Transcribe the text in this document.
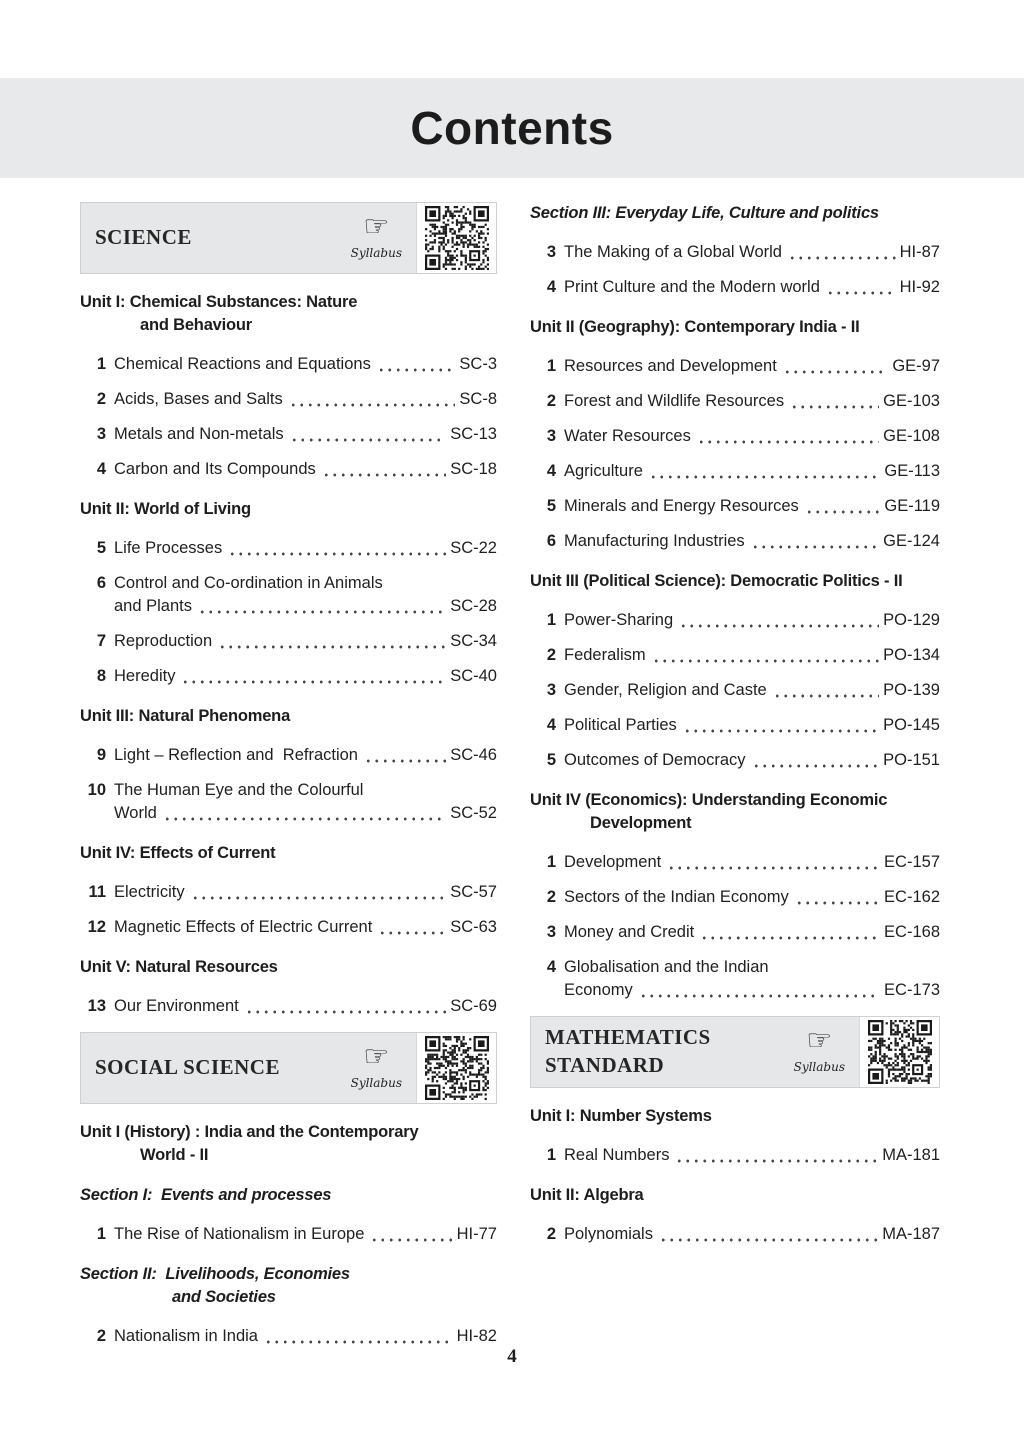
Contents
SCIENCE	☞
Syllabus
Unit I: Chemical Substances: Nature
and Behaviour
1 Chemical Reactions and Equations	SC-3
2 Acids, Bases and Salts	SC-8
3 Metals and Non-metals	SC-13
4 Carbon and Its Compounds	SC-18
Unit II: World of Living
5 Life Processes	SC-22
6 Control and Co-ordination in Animals
and Plants	SC-28
7 Reproduction	SC-34
8 Heredity	SC-40
Unit III: Natural Phenomena
9 Light – Reflection and  Refraction	SC-46
10 The Human Eye and the Colourful
World	SC-52
Unit IV: Effects of Current
11 Electricity	SC-57
12 Magnetic Effects of Electric Current	SC-63
Unit V: Natural Resources
13 Our Environment	SC-69
SOCIAL SCIENCE	☞
Syllabus
Unit I (History) : India and the Contemporary
World - II
Section I:  Events and processes
1 The Rise of Nationalism in Europe	HI-77
Section II:  Livelihoods, Economies
and Societies
2 Nationalism in India	HI-82
Section III: Everyday Life, Culture and politics
3 The Making of a Global World	HI-87
4 Print Culture and the Modern world	HI-92
Unit II (Geography): Contemporary India - II
1 Resources and Development	GE-97
2 Forest and Wildlife Resources	GE-103
3 Water Resources	GE-108
4 Agriculture	GE-113
5 Minerals and Energy Resources	GE-119
6 Manufacturing Industries	GE-124
Unit III (Political Science): Democratic Politics - II
1 Power-Sharing	PO-129
2 Federalism	PO-134
3 Gender, Religion and Caste	PO-139
4 Political Parties	PO-145
5 Outcomes of Democracy	PO-151
Unit IV (Economics): Understanding Economic
Development
1 Development	EC-157
2 Sectors of the Indian Economy	EC-162
3 Money and Credit	EC-168
4 Globalisation and the Indian
Economy	EC-173
MATHEMATICS
STANDARD
☞
Syllabus
Unit I: Number Systems
1 Real Numbers	MA-181
Unit II: Algebra
2 Polynomials	MA-187
4
